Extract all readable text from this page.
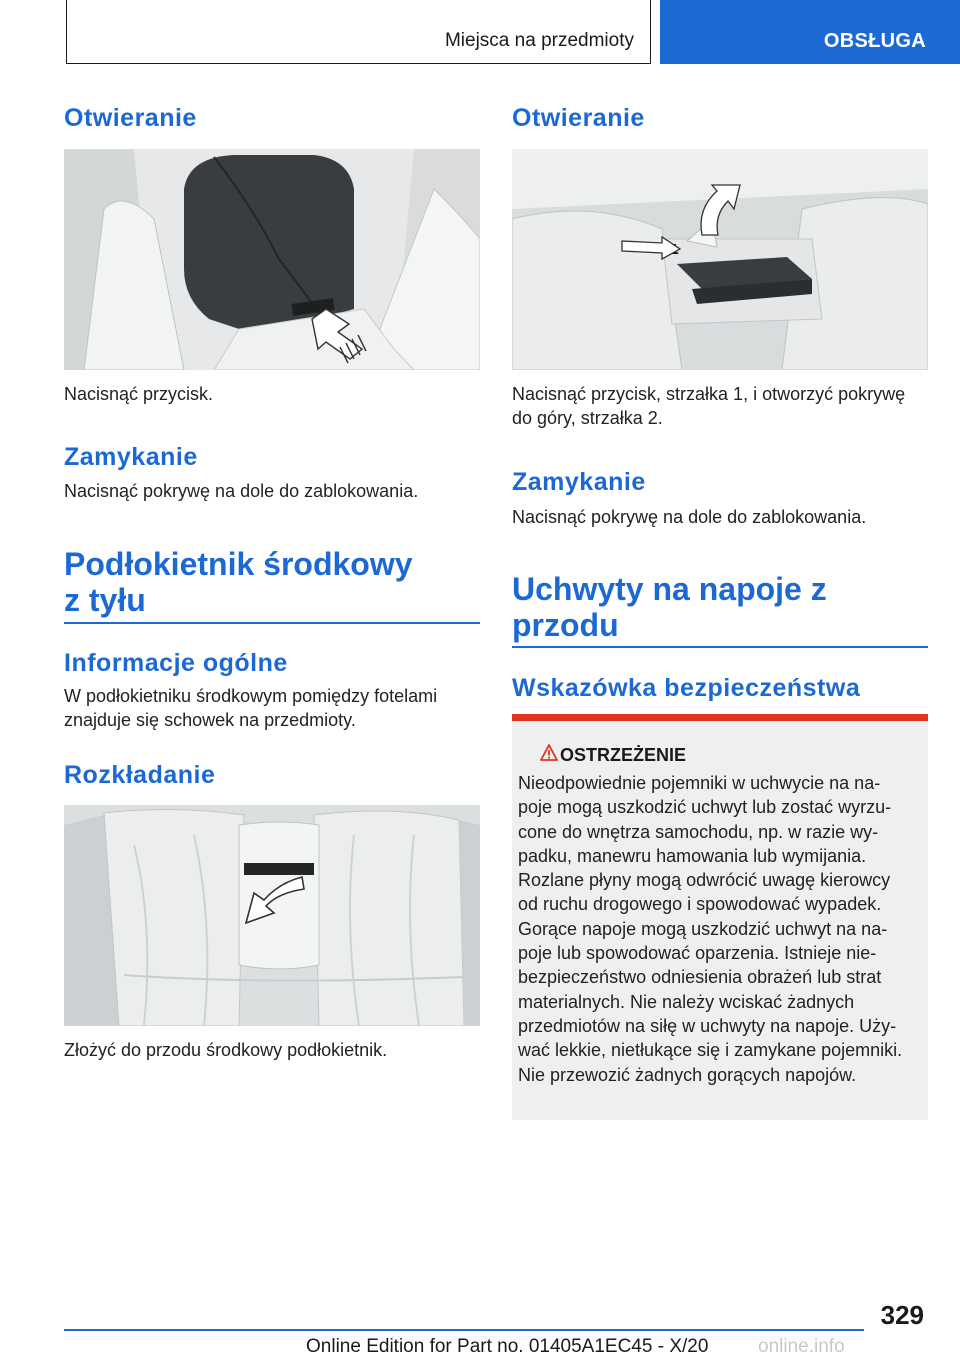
Miejsca na przedmioty	OBSŁUGA
Otwieranie
Nacisnąć przycisk.
Zamykanie
Nacisnąć pokrywę na dole do zablokowania.
Podłokietnik środkowy
z tyłu
Informacje ogólne
W podłokietniku środkowym pomiędzy fotelami
znajduje się schowek na przedmioty.
Rozkładanie
Złożyć do przodu środkowy podłokietnik.
Otwieranie
Nacisnąć przycisk, strzałka 1, i otworzyć pokrywę
do góry, strzałka 2.
Zamykanie
Nacisnąć pokrywę na dole do zablokowania.
Uchwyty na napoje z
przodu
Wskazówka bezpieczeństwa
OSTRZEŻENIE
Nieodpowiednie pojemniki w uchwycie na na-
poje mogą uszkodzić uchwyt lub zostać wyrzu-
cone do wnętrza samochodu, np. w razie wy-
padku, manewru hamowania lub wymijania.
Rozlane płyny mogą odwrócić uwagę kierowcy
od ruchu drogowego i spowodować wypadek.
Gorące napoje mogą uszkodzić uchwyt na na-
poje lub spowodować oparzenia. Istnieje nie-
bezpieczeństwo odniesienia obrażeń lub strat
materialnych. Nie należy wciskać żadnych
przedmiotów na siłę w uchwyty na napoje. Uży-
wać lekkie, nietłukące się i zamykane pojemniki.
Nie przewozić żadnych gorących napojów.
329
Online Edition for Part no. 01405A1EC45 - X/20	online.info
